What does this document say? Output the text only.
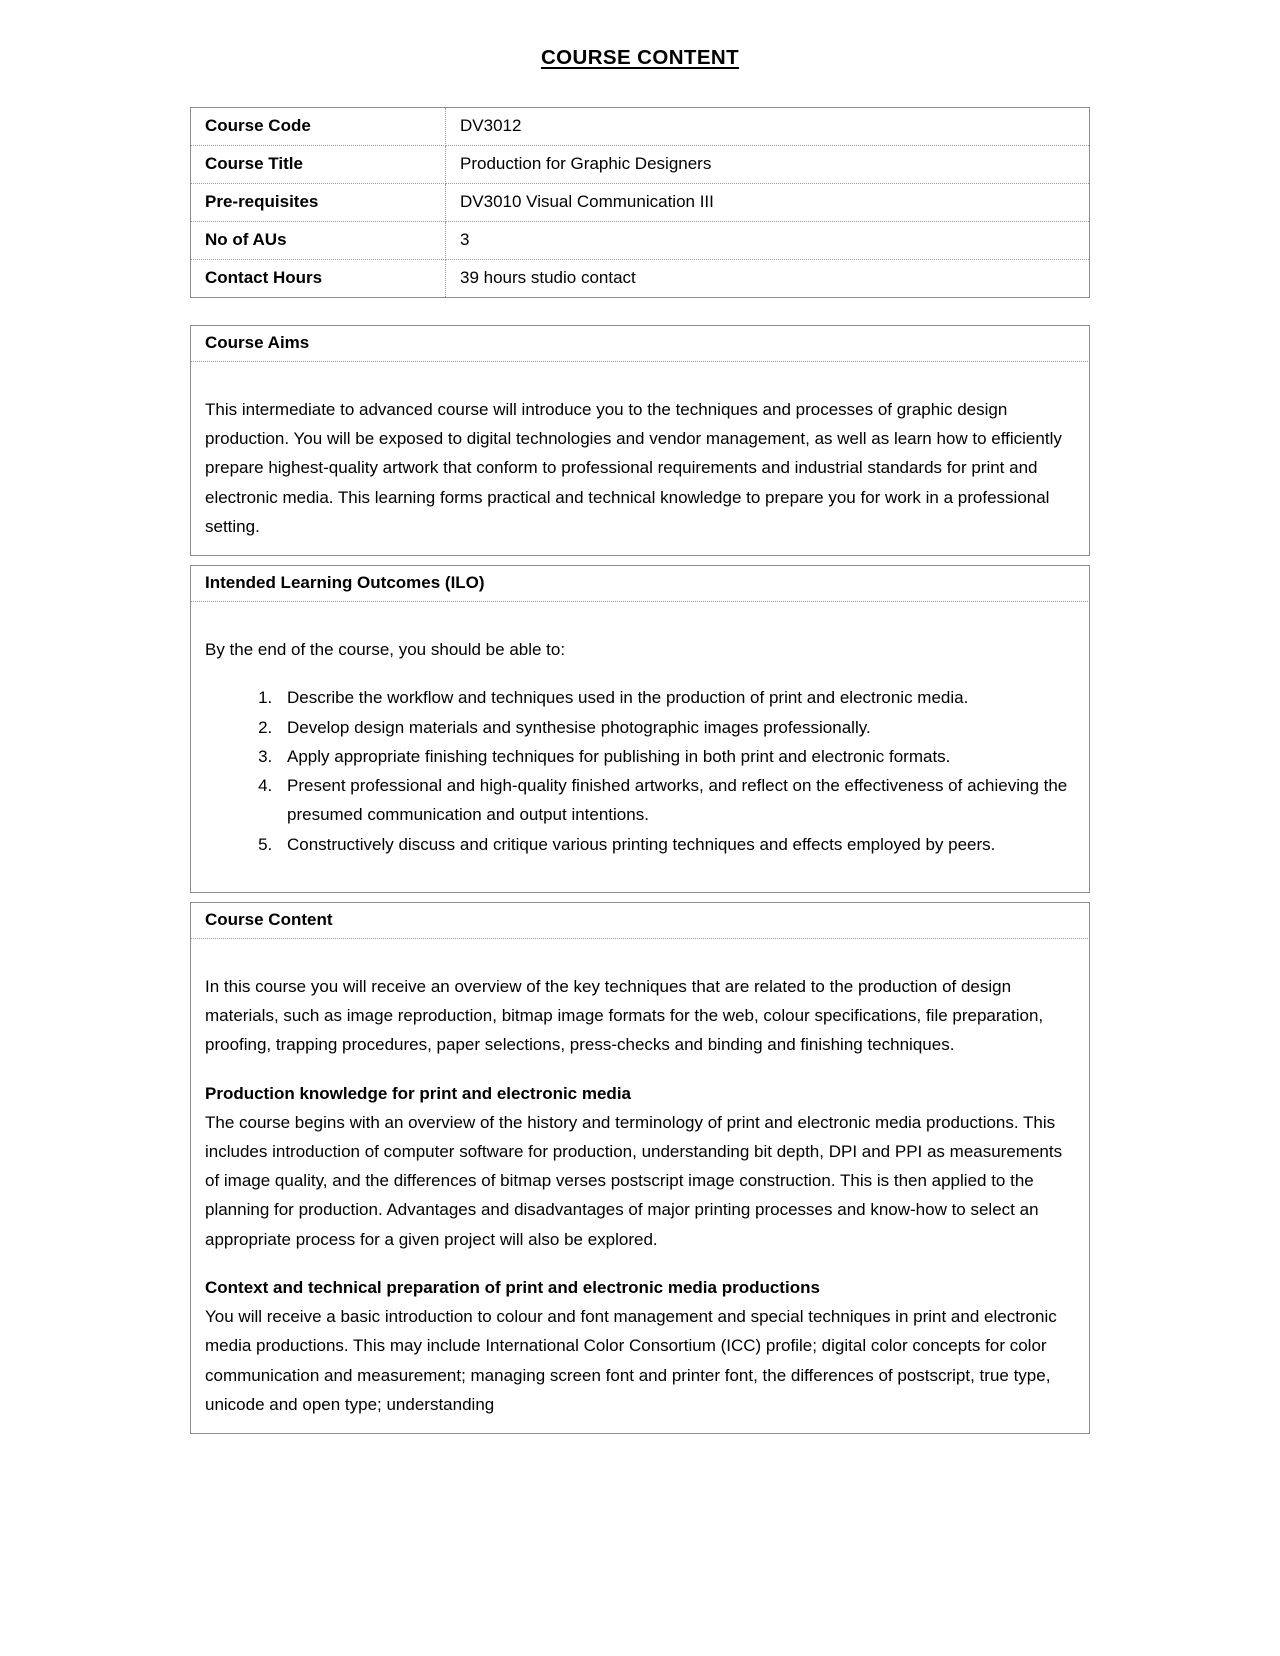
COURSE CONTENT
Course Code	DV3012
Course Title	Production for Graphic Designers
Pre-requisites	DV3010 Visual Communication III
No of AUs	3
Contact Hours	39 hours studio contact
Course Aims

This intermediate to advanced course will introduce you to the techniques and processes of graphic design production. You will be exposed to digital technologies and vendor management, as well as learn how to efficiently prepare highest-quality artwork that conform to professional requirements and industrial standards for print and electronic media. This learning forms practical and technical knowledge to prepare you for work in a professional setting.

Intended Learning Outcomes (ILO)

By the end of the course, you should be able to:

1. Describe the workflow and techniques used in the production of print and electronic media.
2. Develop design materials and synthesise photographic images professionally.
3. Apply appropriate finishing techniques for publishing in both print and electronic formats.
4. Present professional and high-quality finished artworks, and reflect on the effectiveness of achieving the presumed communication and output intentions.
5. Constructively discuss and critique various printing techniques and effects employed by peers.
Course Content

In this course you will receive an overview of the key techniques that are related to the production of design materials, such as image reproduction, bitmap image formats for the web, colour specifications, file preparation, proofing, trapping procedures, paper selections, press-checks and binding and finishing techniques.

Production knowledge for print and electronic media

The course begins with an overview of the history and terminology of print and electronic media productions. This includes introduction of computer software for production, understanding bit depth, DPI and PPI as measurements of image quality, and the differences of bitmap verses postscript image construction. This is then applied to the planning for production. Advantages and disadvantages of major printing processes and know-how to select an appropriate process for a given project will also be explored.

Context and technical preparation of print and electronic media productions

You will receive a basic introduction to colour and font management and special techniques in print and electronic media productions. This may include International Color Consortium (ICC) profile; digital color concepts for color communication and measurement; managing screen font and printer font, the differences of postscript, true type, unicode and open type; understanding
